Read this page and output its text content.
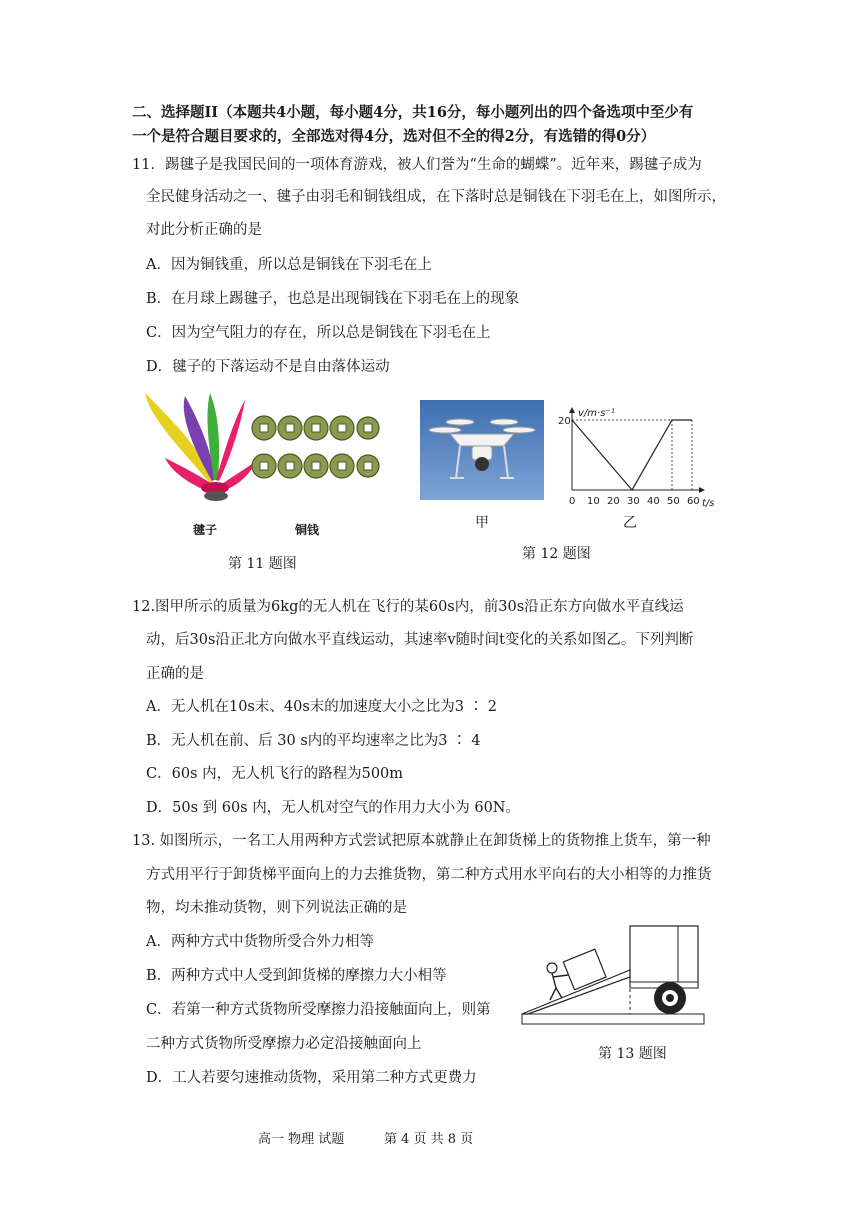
二、选择题II（本题共4小题，每小题4分，共16分，每小题列出的四个备选项中至少有
一个是符合题目要求的，全部选对得4分，选对但不全的得2分，有选错的得0分）
11．踢毽子是我国民间的一项体育游戏，被人们誉为“生命的蝴蝶”。近年来，踢毽子成为
全民健身活动之一、毽子由羽毛和铜钱组成，在下落时总是铜钱在下羽毛在上，如图所示，
对此分析正确的是
A．因为铜钱重，所以总是铜钱在下羽毛在上
B．在月球上踢毽子，也总是出现铜钱在下羽毛在上的现象
C．因为空气阻力的存在，所以总是铜钱在下羽毛在上
D．毽子的下落运动不是自由落体运动
毽子	铜钱
第 11 题图
甲
v/m·s⁻¹
t/s
0 10 20 30 40 50 60
20
乙
第 12 题图
12.图甲所示的质量为6kg的无人机在飞行的某60s内，前30s沿正东方向做水平直线运
动，后30s沿正北方向做水平直线运动，其速率v随时间t变化的关系如图乙。下列判断
正确的是
A．无人机在10s末、40s末的加速度大小之比为3 ∶ 2
B．无人机在前、后 30 s内的平均速率之比为3 ∶ 4
C．60s 内，无人机飞行的路程为500m
D．50s 到 60s 内，无人机对空气的作用力大小为 60N。
13. 如图所示，一名工人用两种方式尝试把原本就静止在卸货梯上的货物推上货车，第一种
方式用平行于卸货梯平面向上的力去推货物，第二种方式用水平向右的大小相等的力推货
物，均未推动货物，则下列说法正确的是
A．两种方式中货物所受合外力相等
B．两种方式中人受到卸货梯的摩擦力大小相等
C．若第一种方式货物所受摩擦力沿接触面向上，则第
二种方式货物所受摩擦力必定沿接触面向上
D．工人若要匀速推动货物，采用第二种方式更费力
第 13 题图
高一 物理 试题	第 4 页 共 8 页
